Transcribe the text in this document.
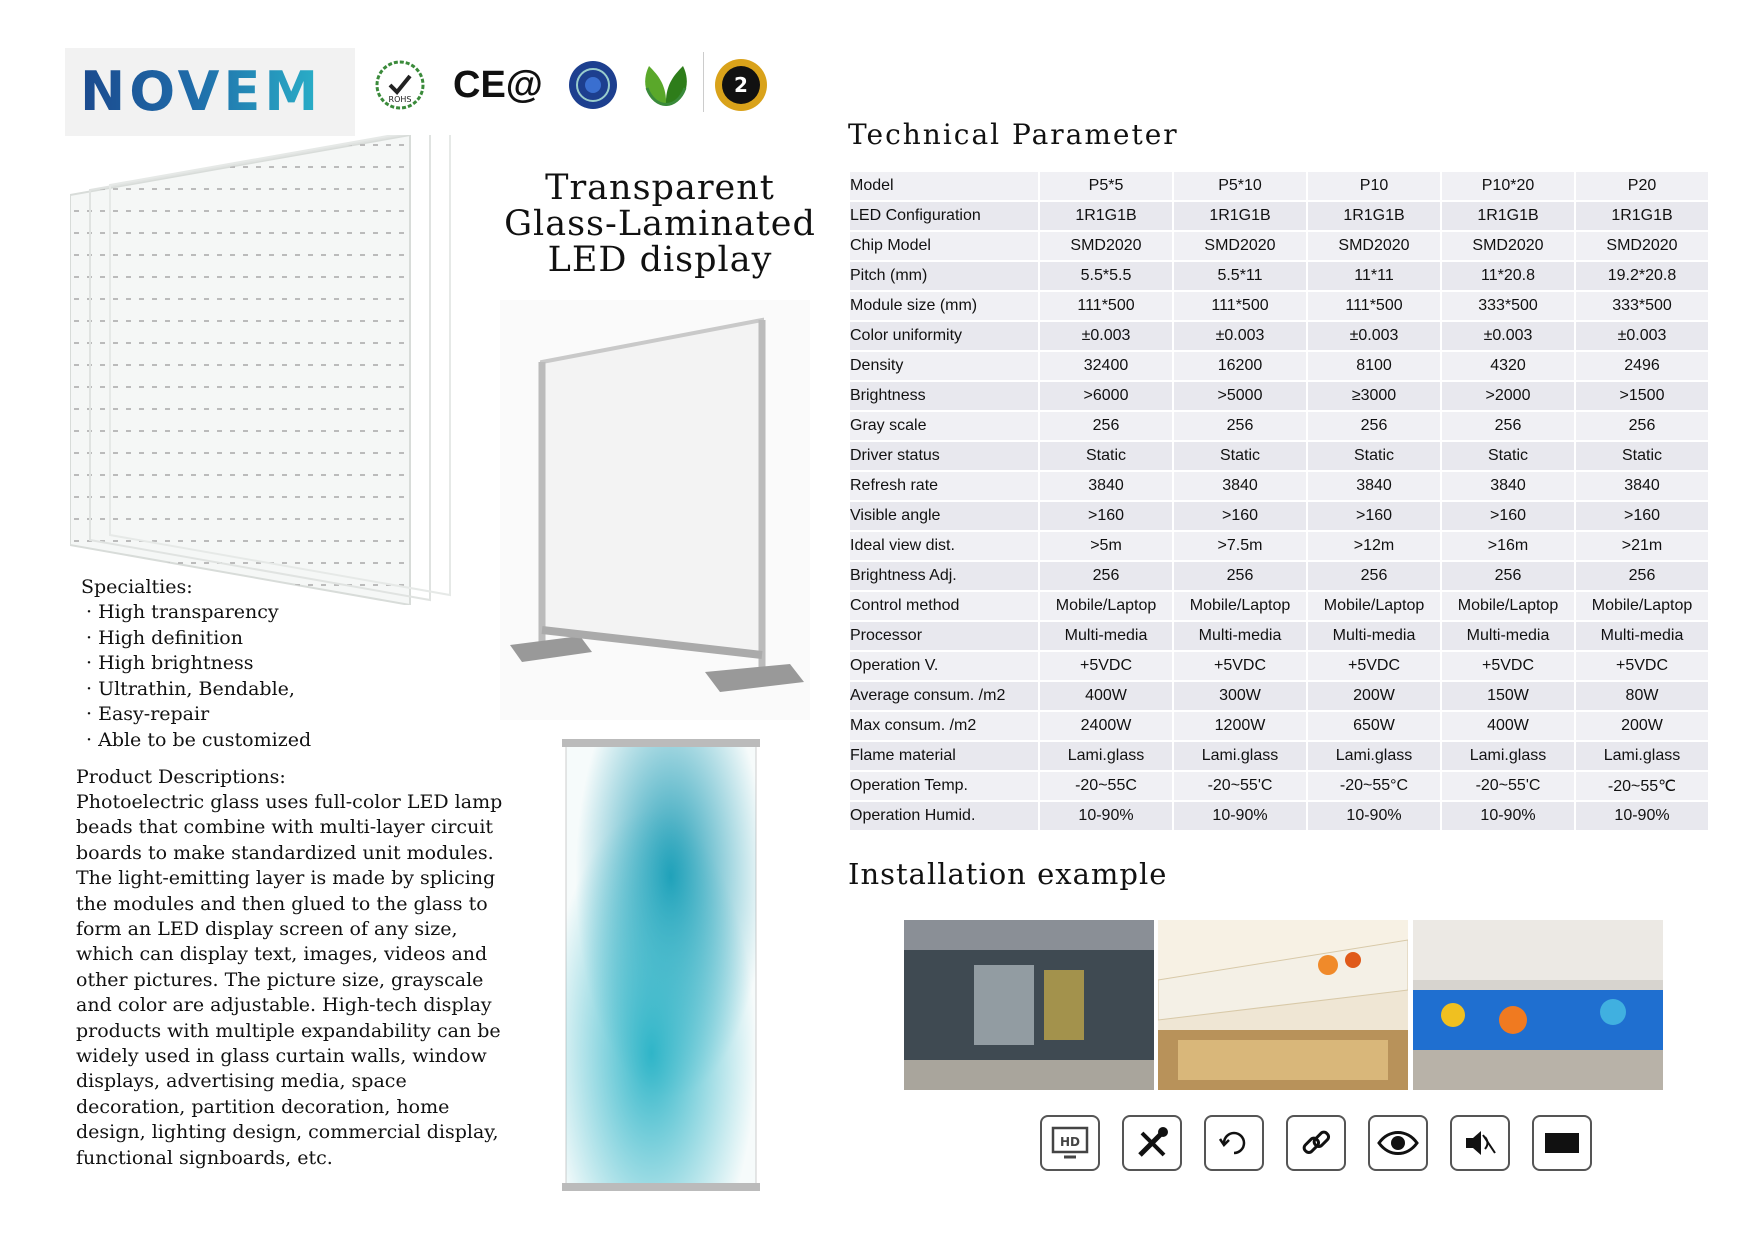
NOVEM	ROHS CE@	2
Specialties:
· High transparency
· High definition
· High brightness
· Ultrathin, Bendable,
· Easy-repair
· Able to be customized
Product Descriptions:
Photoelectric glass uses full-color LED lamp beads that combine with multi-layer circuit boards to make standardized unit modules. The light-emitting layer is made by splicing the modules and then glued to the glass to form an LED display screen of any size, which can display text, images, videos and other pictures. The picture size, grayscale and color are adjustable. High-tech display products with multiple expandability can be widely used in glass curtain walls, window displays, advertising media, space decoration, partition decoration, home design, lighting design, commercial display, functional signboards, etc.
Transparent
Glass-Laminated
LED display
Technical Parameter
Model	P5*5	P5*10	P10	P10*20	P20
LED Configuration	1R1G1B	1R1G1B	1R1G1B	1R1G1B	1R1G1B
Chip Model	SMD2020	SMD2020	SMD2020	SMD2020	SMD2020
Pitch (mm)	5.5*5.5	5.5*11	11*11	11*20.8	19.2*20.8
Module size (mm)	111*500	111*500	111*500	333*500	333*500
Color uniformity	±0.003	±0.003	±0.003	±0.003	±0.003
Density	32400	16200	8100	4320	2496
Brightness	>6000	>5000	≥3000	>2000	>1500
Gray scale	256	256	256	256	256
Driver status	Static	Static	Static	Static	Static
Refresh rate	3840	3840	3840	3840	3840
Visible angle	>160	>160	>160	>160	>160
Ideal view dist.	>5m	>7.5m	>12m	>16m	>21m
Brightness Adj.	256	256	256	256	256
Control method	Mobile/Laptop	Mobile/Laptop	Mobile/Laptop	Mobile/Laptop	Mobile/Laptop
Processor	Multi-media	Multi-media	Multi-media	Multi-media	Multi-media
Operation V.	+5VDC	+5VDC	+5VDC	+5VDC	+5VDC
Average consum. /m2	400W	300W	200W	150W	80W
Max consum. /m2	2400W	1200W	650W	400W	200W
Flame material	Lami.glass	Lami.glass	Lami.glass	Lami.glass	Lami.glass
Operation Temp.	-20~55C	-20~55'C	-20~55°C	-20~55'C	-20~55℃
Operation Humid.	10-90%	10-90%	10-90%	10-90%	10-90%
Installation example
HD
